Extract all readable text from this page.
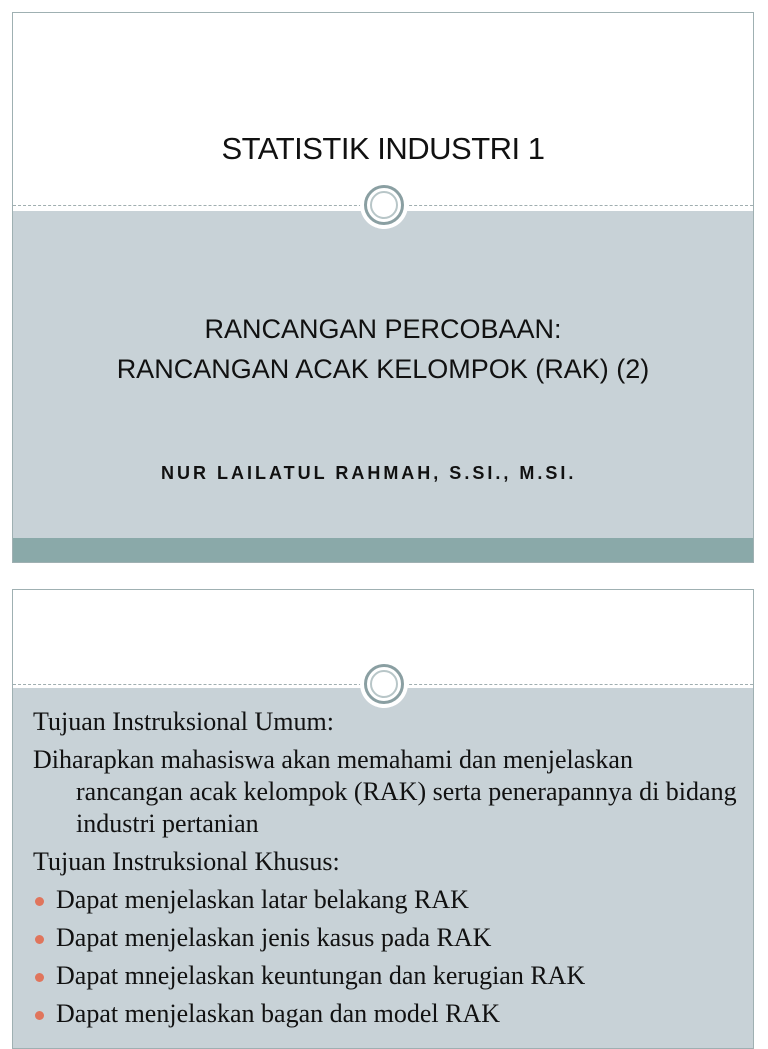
STATISTIK INDUSTRI 1
RANCANGAN PERCOBAAN:
RANCANGAN ACAK KELOMPOK (RAK) (2)
NUR LAILATUL RAHMAH, S.SI., M.SI.

Tujuan Instruksional Umum:

Diharapkan mahasiswa akan memahami dan menjelaskan rancangan acak kelompok (RAK) serta penerapannya di bidang industri pertanian

Tujuan Instruksional Khusus:

Dapat menjelaskan latar belakang RAK
Dapat menjelaskan jenis kasus pada RAK
Dapat mnejelaskan keuntungan dan kerugian RAK
Dapat menjelaskan bagan dan model RAK
